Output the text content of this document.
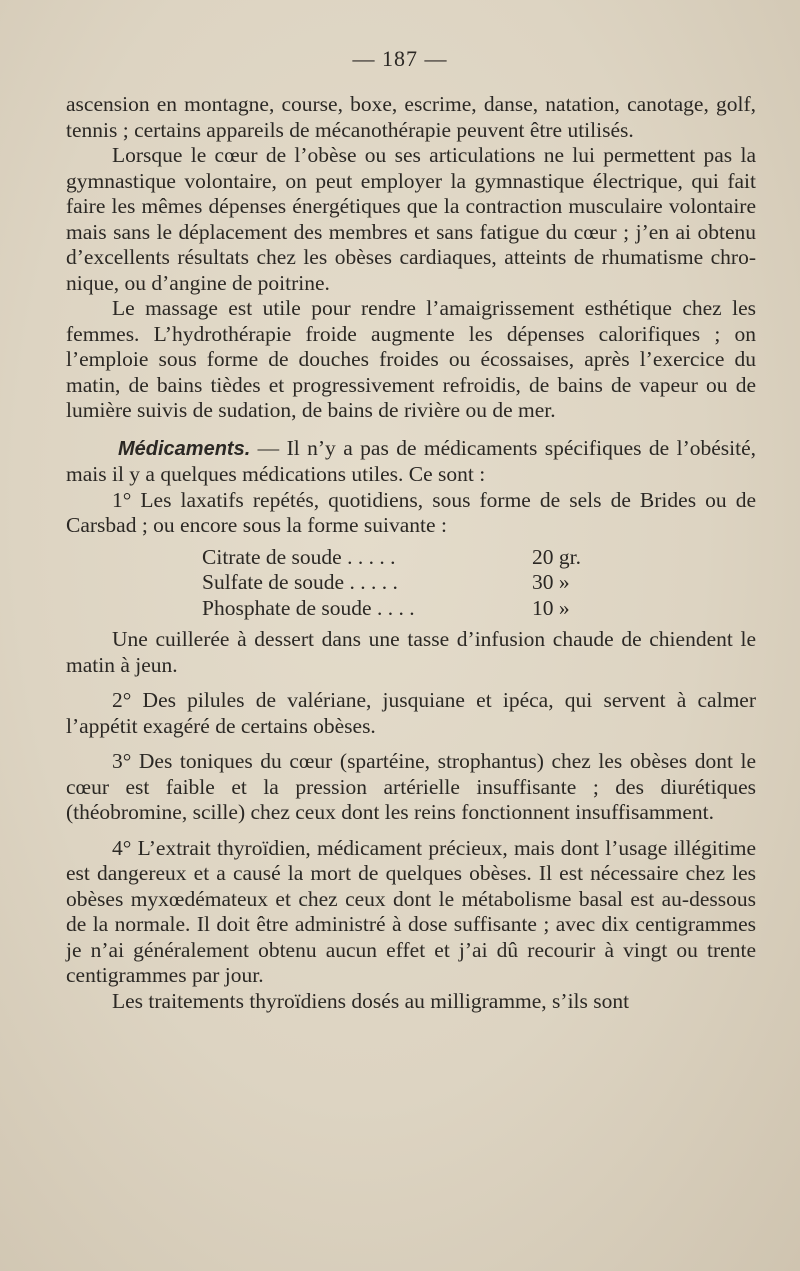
— 187 —

ascension en montagne, course, boxe, escrime, danse, natation, canotage, golf, tennis ; certains appareils de mécanothérapie peuvent être utilisés.

Lorsque le cœur de l’obèse ou ses articulations ne lui permettent pas la gymnastique volontaire, on peut employer la gymnastique électrique, qui fait faire les mêmes dépenses énergétiques que la contraction musculaire volontaire mais sans le déplacement des membres et sans fatigue du cœur ; j’en ai obtenu d’excellents résultats chez les obèses cardiaques, atteints de rhumatisme chronique, ou d’angine de poitrine.

Le massage est utile pour rendre l’amaigrissement esthétique chez les femmes. L’hydrothérapie froide augmente les dépenses calorifiques ; on l’emploie sous forme de douches froides ou écossaises, après l’exercice du matin, de bains tièdes et progressivement refroidis, de bains de vapeur ou de lumière suivis de sudation, de bains de rivière ou de mer.

Médicaments. — Il n’y a pas de médicaments spécifiques de l’obésité, mais il y a quelques médications utiles. Ce sont :

1° Les laxatifs repétés, quotidiens, sous forme de sels de Brides ou de Carsbad ; ou encore sous la forme suivante :

Citrate de soude . . . . .	20 gr.
Sulfate de soude . . . . .	30 »
Phosphate de soude . . . .	10 »

Une cuillerée à dessert dans une tasse d’infusion chaude de chiendent le matin à jeun.

2° Des pilules de valériane, jusquiane et ipéca, qui servent à calmer l’appétit exagéré de certains obèses.

3° Des toniques du cœur (spartéine, strophantus) chez les obèses dont le cœur est faible et la pression artérielle insuffisante ; des diurétiques (théobromine, scille) chez ceux dont les reins fonctionnent insuffisamment.

4° L’extrait thyroïdien, médicament précieux, mais dont l’usage illégitime est dangereux et a causé la mort de quelques obèses. Il est nécessaire chez les obèses myxœdémateux et chez ceux dont le métabolisme basal est au-dessous de la normale. Il doit être administré à dose suffisante ; avec dix centigrammes je n’ai généralement obtenu aucun effet et j’ai dû recourir à vingt ou trente centigrammes par jour.

Les traitements thyroïdiens dosés au milligramme, s’ils sont
